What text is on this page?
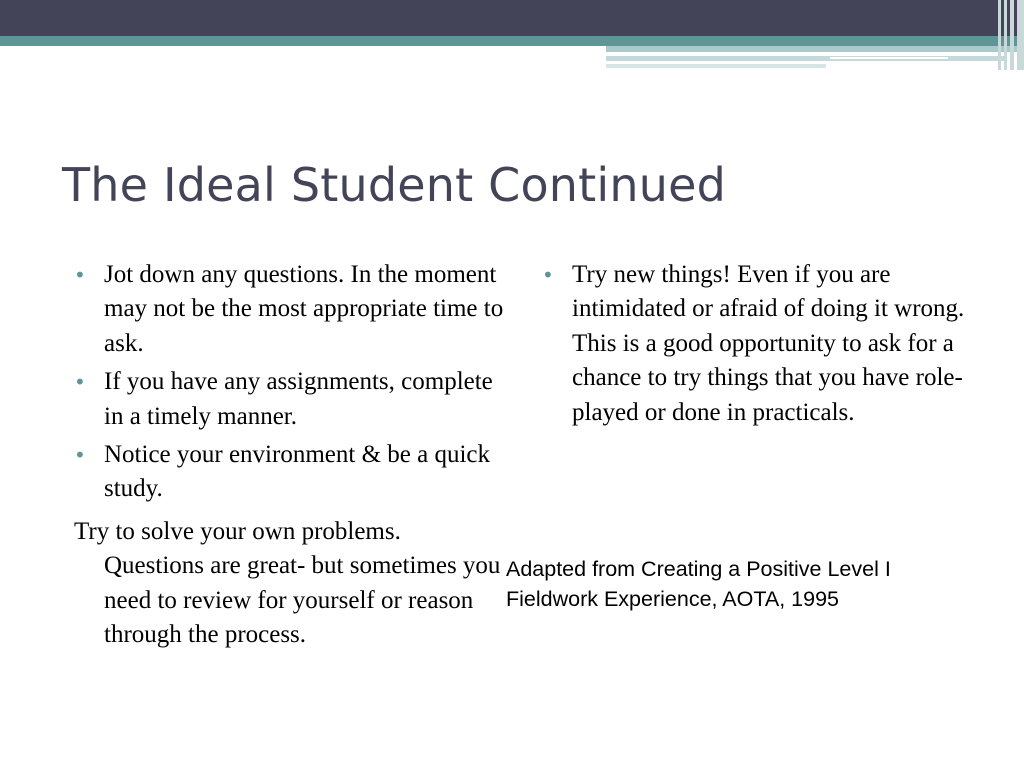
The Ideal Student Continued
• Jot down any questions. In the moment may not be the most appropriate time to ask.
• If you have any assignments, complete in a timely manner.
• Notice your environment & be a quick study.

Try to solve your own problems. Questions are great- but sometimes you need to review for yourself or reason through the process.

• Try new things! Even if you are intimidated or afraid of doing it wrong. This is a good opportunity to ask for a chance to try things that you have role-played or done in practicals.
Adapted from Creating a Positive Level I
Fieldwork Experience, AOTA, 1995
